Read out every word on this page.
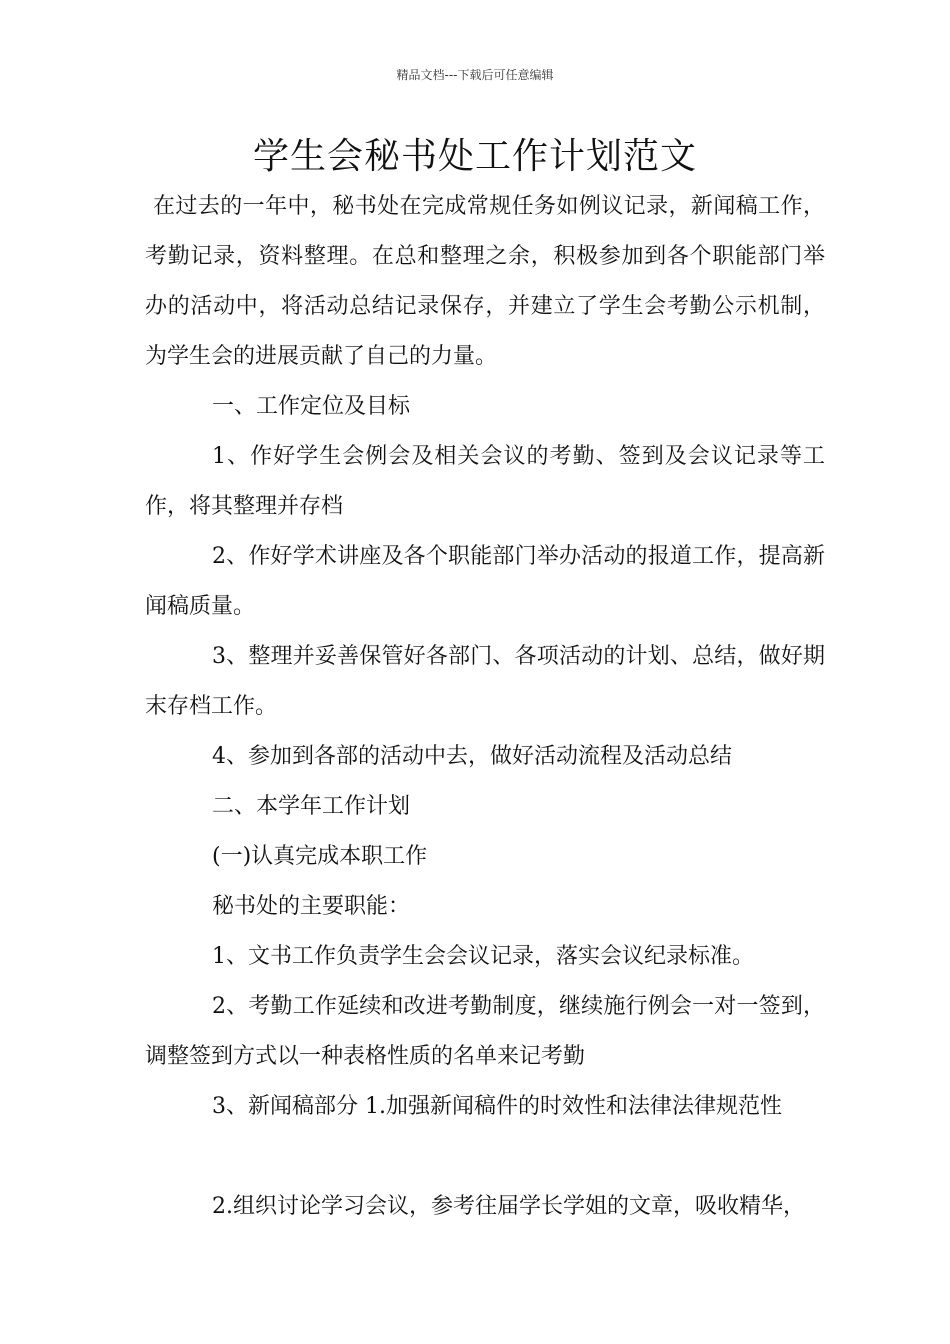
精品文档---下载后可任意编辑
学生会秘书处工作计划范文

在过去的一年中，秘书处在完成常规任务如例议记录，新闻稿工作，考勤记录，资料整理。在总和整理之余，积极参加到各个职能部门举办的活动中，将活动总结记录保存，并建立了学生会考勤公示机制，为学生会的进展贡献了自己的力量。

一、工作定位及目标

1、作好学生会例会及相关会议的考勤、签到及会议记录等工作，将其整理并存档

2、作好学术讲座及各个职能部门举办活动的报道工作，提高新闻稿质量。

3、整理并妥善保管好各部门、各项活动的计划、总结，做好期末存档工作。

4、参加到各部的活动中去，做好活动流程及活动总结

二、本学年工作计划

(一)认真完成本职工作

秘书处的主要职能：

1、文书工作负责学生会会议记录，落实会议纪录标准。

2、考勤工作延续和改进考勤制度，继续施行例会一对一签到，调整签到方式以一种表格性质的名单来记考勤

3、新闻稿部分 1.加强新闻稿件的时效性和法律法律规范性

2.组织讨论学习会议，参考往届学长学姐的文章，吸收精华，
